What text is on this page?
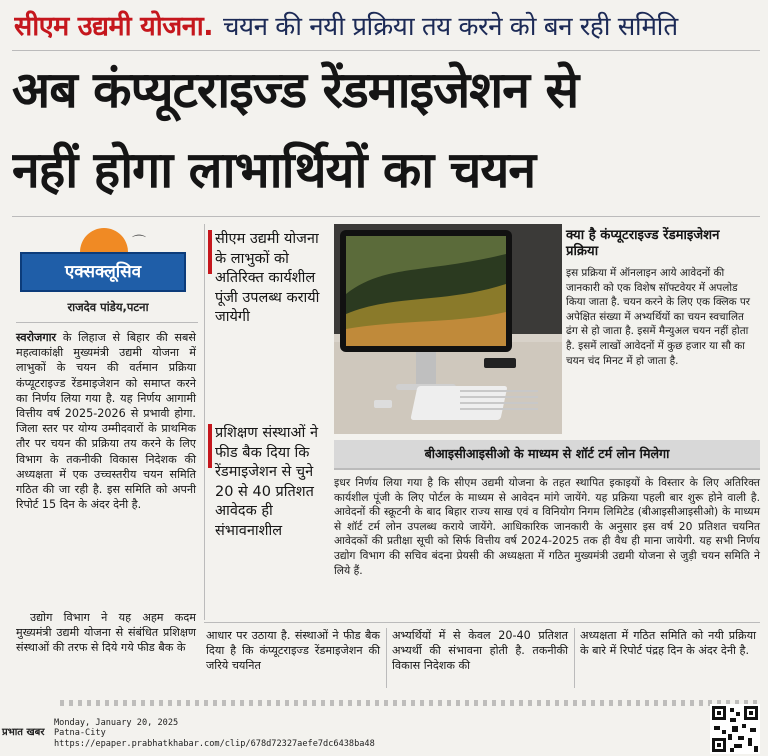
सीएम उद्यमी योजना. चयन की नयी प्रक्रिया तय करने को बन रही समिति
अब कंप्यूटराइज्ड रेंडमाइजेशन से
नहीं होगा लाभार्थियों का चयन
⌒
एक्सक्लूसिव
राजदेव पांडेय,पटना
स्वरोजगार के लिहाज से बिहार की सबसे महत्वाकांक्षी मुख्यमंत्री उद्यमी योजना में लाभुकों के चयन की वर्तमान प्रक्रिया कंप्यूटराइज्ड रेंडमाइजेशन को समाप्त करने का निर्णय लिया गया है. यह निर्णय आगामी वित्तीय वर्ष 2025-2026 से प्रभावी होगा. जिला स्तर पर योग्य उम्मीदवारों के प्राथमिक तौर पर चयन की प्रक्रिया तय करने के लिए विभाग के तकनीकी विकास निदेशक की अध्यक्षता में एक उच्चस्तरीय चयन समिति गठित की जा रही है. इस समिति को अपनी रिपोर्ट 15 दिन के अंदर देनी है.
उद्योग विभाग ने यह अहम कदम मुख्यमंत्री उद्यमी योजना से संबंधित प्रशिक्षण संस्थाओं की तरफ से दिये गये फीड बैक के
सीएम उद्यमी योजना के लाभुकों को अतिरिक्त कार्यशील पूंजी उपलब्ध करायी जायेगी
प्रशिक्षण संस्थाओं ने फीड बैक दिया कि रेंडमाइजेशन से चुने 20 से 40 प्रतिशत आवेदक ही संभावनाशील
क्या है कंप्यूटराइज्ड रेंडमाइजेशन प्रक्रिया
इस प्रक्रिया में ऑनलाइन आये आवेदनों की जानकारी को एक विशेष सॉफ्टवेयर में अपलोड किया जाता है. चयन करने के लिए एक क्लिक पर अपेक्षित संख्या में अभ्यर्थियों का चयन स्वचालित ढंग से हो जाता है. इसमें मैन्युअल चयन नहीं होता है. इसमें लाखों आवेदनों में कुछ हजार या सौ का चयन चंद मिनट में हो जाता है.
बीआइसीआइसीओ के माध्यम से शॉर्ट टर्म लोन मिलेगा
इधर निर्णय लिया गया है कि सीएम उद्यमी योजना के तहत स्थापित इकाइयों के विस्तार के लिए अतिरिक्त कार्यशील पूंजी के लिए पोर्टल के माध्यम से आवेदन मांगे जायेंगे. यह प्रक्रिया पहली बार शुरू होने वाली है. आवेदनों की स्क्रूटनी के बाद बिहार राज्य साख एवं व विनियोग निगम लिमिटेड (बीआइसीआइसीओ) के माध्यम से शॉर्ट टर्म लोन उपलब्ध कराये जायेंगे. आधिकारिक जानकारी के अनुसार इस वर्ष 20 प्रतिशत चयनित आवेदकों की प्रतीक्षा सूची को सिर्फ वित्तीय वर्ष 2024-2025 तक ही वैध ही माना जायेगी. यह सभी निर्णय उद्योग विभाग की सचिव बंदना प्रेयसी की अध्यक्षता में गठित मुख्यमंत्री उद्यमी योजना से जुड़ी चयन समिति ने लिये हैं.
आधार पर उठाया है. संस्थाओं ने फीड बैक दिया है कि कंप्यूटराइज्ड रेंडमाइजेशन की जरिये चयनित
अभ्यर्थियों में से केवल 20-40 प्रतिशत अभ्यर्थी की संभावना होती है. तकनीकी विकास निदेशक की
अध्यक्षता में गठित समिति को नयी प्रक्रिया के बारे में रिपोर्ट पंद्रह दिन के अंदर देनी है.
प्रभात खबर
Monday, January 20, 2025
Patna-City
https://epaper.prabhatkhabar.com/clip/678d72327aefe7dc6438ba48
